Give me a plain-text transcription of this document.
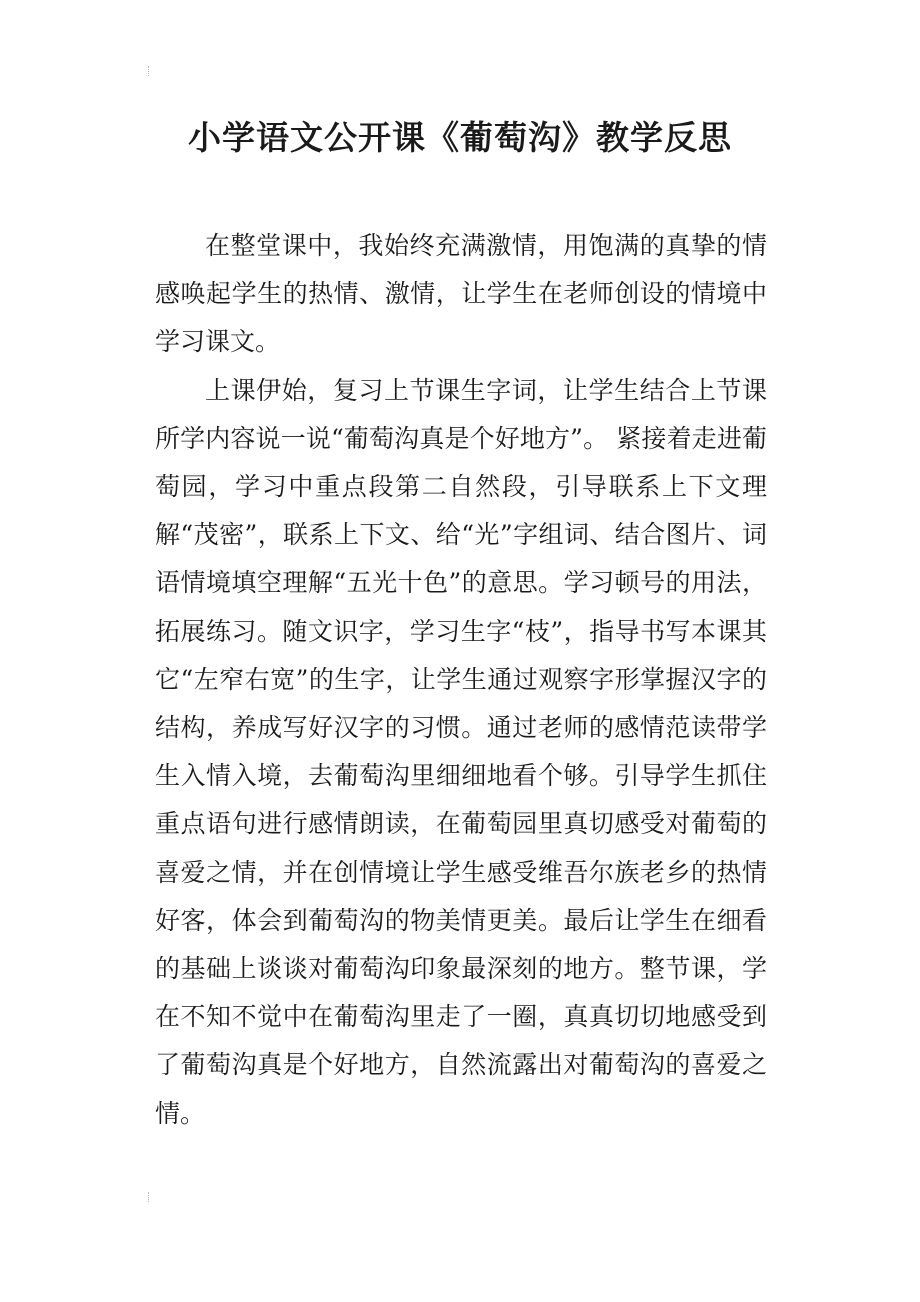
小学语文公开课《葡萄沟》教学反思

在整堂课中，我始终充满激情，用饱满的真挚的情感唤起学生的热情、激情，让学生在老师创设的情境中学习课文。

上课伊始，复习上节课生字词，让学生结合上节课所学内容说一说“葡萄沟真是个好地方”。 紧接着走进葡萄园，学习中重点段第二自然段，引导联系上下文理解“茂密”，联系上下文、给“光”字组词、结合图片、词语情境填空理解“五光十色”的意思。学习顿号的用法，拓展练习。随文识字，学习生字“枝”，指导书写本课其它“左窄右宽”的生字，让学生通过观察字形掌握汉字的结构，养成写好汉字的习惯。通过老师的感情范读带学生入情入境，去葡萄沟里细细地看个够。引导学生抓住重点语句进行感情朗读，在葡萄园里真切感受对葡萄的喜爱之情，并在创情境让学生感受维吾尔族老乡的热情好客，体会到葡萄沟的物美情更美。最后让学生在细看的基础上谈谈对葡萄沟印象最深刻的地方。整节课，学在不知不觉中在葡萄沟里走了一圈，真真切切地感受到了葡萄沟真是个好地方，自然流露出对葡萄沟的喜爱之情。
